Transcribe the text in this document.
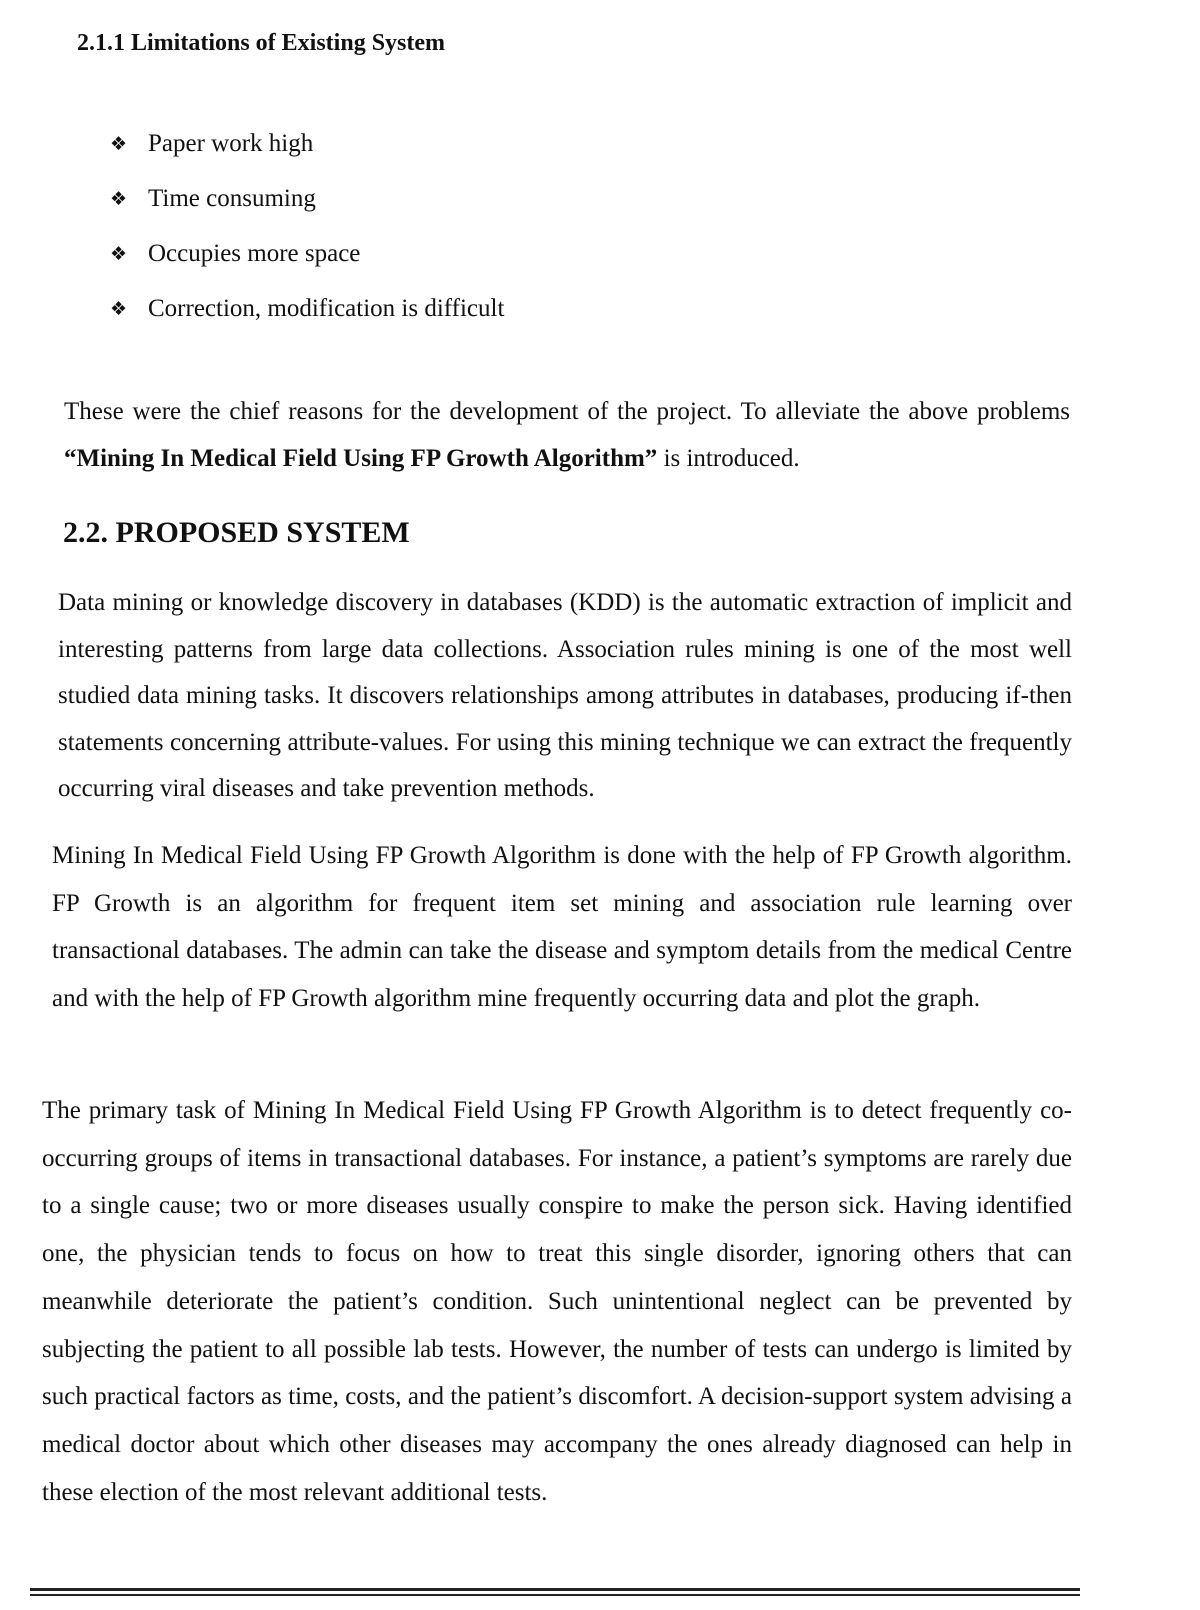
2.1.1 Limitations of Existing System
❖ Paper work high
❖ Time consuming
❖ Occupies more space
❖ Correction, modification is difficult

These were the chief reasons for the development of the project. To alleviate the above problems “Mining In Medical Field Using FP Growth Algorithm” is introduced.

2.2. PROPOSED SYSTEM

Data mining or knowledge discovery in databases (KDD) is the automatic extraction of implicit and interesting patterns from large data collections. Association rules mining is one of the most well studied data mining tasks. It discovers relationships among attributes in databases, producing if-then statements concerning attribute-values. For using this mining technique we can extract the frequently occurring viral diseases and take prevention methods.

Mining In Medical Field Using FP Growth Algorithm is done with the help of FP Growth algorithm. FP Growth is an algorithm for frequent item set mining and association rule learning over transactional databases. The admin can take the disease and symptom details from the medical Centre and with the help of FP Growth algorithm mine frequently occurring data and plot the graph.

The primary task of Mining In Medical Field Using FP Growth Algorithm is to detect frequently co-occurring groups of items in transactional databases. For instance, a patient’s symptoms are rarely due to a single cause; two or more diseases usually conspire to make the person sick. Having identified one, the physician tends to focus on how to treat this single disorder, ignoring others that can meanwhile deteriorate the patient’s condition. Such unintentional neglect can be prevented by subjecting the patient to all possible lab tests. However, the number of tests can undergo is limited by such practical factors as time, costs, and the patient’s discomfort. A decision-support system advising a medical doctor about which other diseases may accompany the ones already diagnosed can help in these election of the most relevant additional tests.
